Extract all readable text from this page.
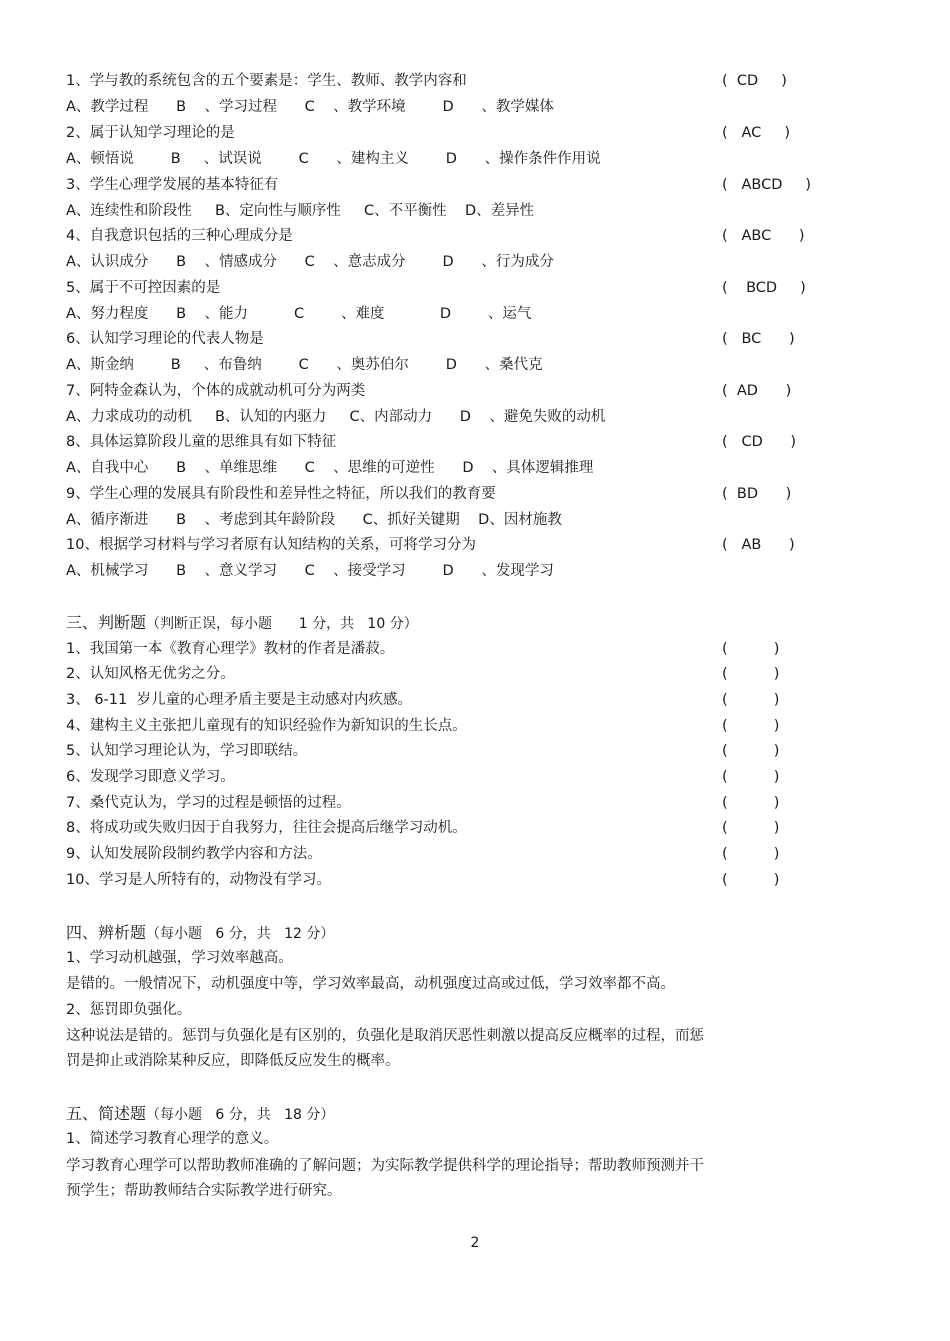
1、学与教的系统包含的五个要素是：学生、教师、教学内容和	(  CD     )
A、教学过程      B    、学习过程      C    、教学环境        D      、教学媒体
2、属于认知学习理论的是	(   AC     )
A、顿悟说        B     、试误说        C      、建构主义        D      、操作条件作用说
3、学生心理学发展的基本特征有	(   ABCD     )
A、连续性和阶段性     B、定向性与顺序性     C、不平衡性    D、差异性
4、自我意识包括的三种心理成分是	(   ABC      )
A、认识成分      B    、情感成分      C    、意志成分        D      、行为成分
5、属于不可控因素的是	(    BCD     )
A、努力程度      B    、能力          C        、难度            D        、运气
6、认知学习理论的代表人物是	(   BC      )
A、斯金纳        B     、布鲁纳        C      、奥苏伯尔        D      、桑代克
7、阿特金森认为，个体的成就动机可分为两类	(  AD      )
A、力求成功的动机     B、认知的内驱力     C、内部动力      D    、避免失败的动机
8、具体运算阶段儿童的思维具有如下特征	(   CD      )
A、自我中心      B    、单维思维      C    、思维的可逆性      D    、具体逻辑推理
9、学生心理的发展具有阶段性和差异性之特征，所以我们的教育要	(  BD      )
A、循序渐进      B    、考虑到其年龄阶段      C、抓好关键期    D、因材施教
10、根据学习材料与学习者原有认知结构的关系，可将学习分为	(   AB      )
A、机械学习      B    、意义学习      C    、接受学习        D      、发现学习
三、判断题（判断正误，每小题      1 分，共   10 分）
1、我国第一本《教育心理学》教材的作者是潘菽。	(          )
2、认知风格无优劣之分。	(          )
3、 6-11  岁儿童的心理矛盾主要是主动感对内疚感。	(          )
4、建构主义主张把儿童现有的知识经验作为新知识的生长点。	(          )
5、认知学习理论认为，学习即联结。	(          )
6、发现学习即意义学习。	(          )
7、桑代克认为，学习的过程是顿悟的过程。	(          )
8、将成功或失败归因于自我努力，往往会提高后继学习动机。	(          )
9、认知发展阶段制约教学内容和方法。	(          )
10、学习是人所特有的，动物没有学习。	(          )
四、辨析题（每小题   6 分，共   12 分）
1、学习动机越强，学习效率越高。
是错的。一般情况下，动机强度中等，学习效率最高，动机强度过高或过低，学习效率都不高。
2、惩罚即负强化。
这种说法是错的。惩罚与负强化是有区别的，负强化是取消厌恶性刺激以提高反应概率的过程，而惩
罚是抑止或消除某种反应，即降低反应发生的概率。
五、简述题（每小题   6 分，共   18 分）
1、简述学习教育心理学的意义。
学习教育心理学可以帮助教师准确的了解问题；为实际教学提供科学的理论指导；帮助教师预测并干
预学生；帮助教师结合实际教学进行研究。
2
